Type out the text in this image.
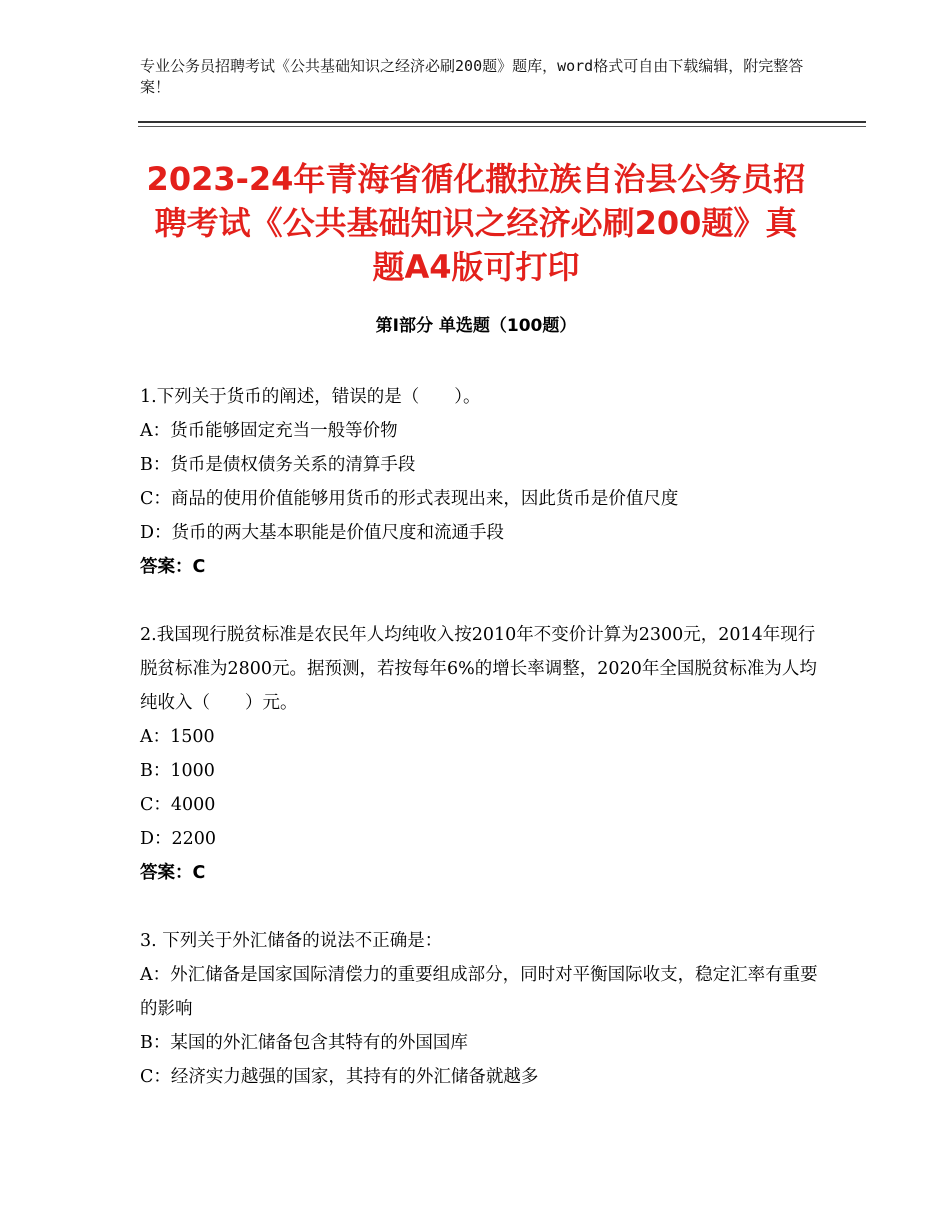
专业公务员招聘考试《公共基础知识之经济必刷200题》题库，word格式可自由下载编辑，附完整答案！
2023-24年青海省循化撒拉族自治县公务员招聘考试《公共基础知识之经济必刷200题》真题A4版可打印
第Ⅰ部分 单选题（100题）

1.下列关于货币的阐述，错误的是（　　）。

A：货币能够固定充当一般等价物

B：货币是债权债务关系的清算手段

C：商品的使用价值能够用货币的形式表现出来，因此货币是价值尺度

D：货币的两大基本职能是价值尺度和流通手段

答案：C

2.我国现行脱贫标准是农民年人均纯收入按2010年不变价计算为2300元，2014年现行脱贫标准为2800元。据预测，若按每年6%的增长率调整，2020年全国脱贫标准为人均纯收入（　　）元。

A：1500

B：1000

C：4000

D：2200

答案：C

3. 下列关于外汇储备的说法不正确是：

A：外汇储备是国家国际清偿力的重要组成部分，同时对平衡国际收支，稳定汇率有重要的影响

B：某国的外汇储备包含其特有的外国国库

C：经济实力越强的国家，其持有的外汇储备就越多
